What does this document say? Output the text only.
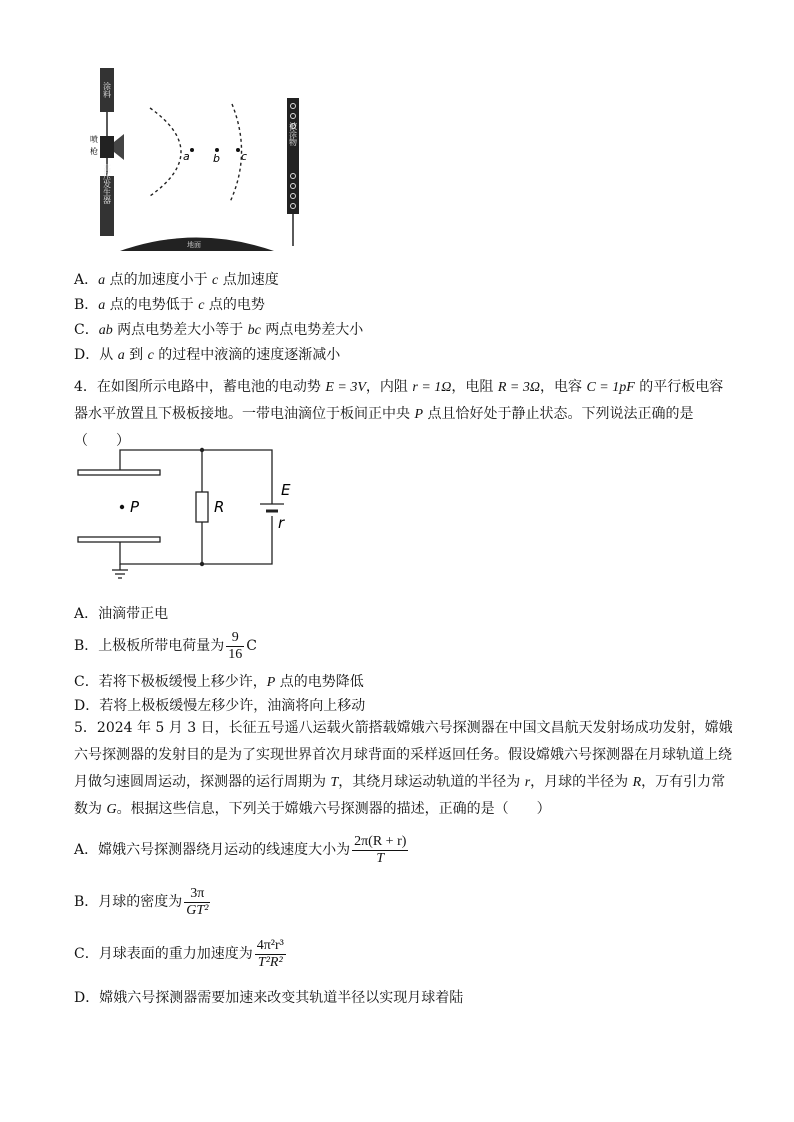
涂料
喷
枪
高压发生器
a b c
被涂物
地面
A．a 点的加速度小于 c 点加速度
B．a 点的电势低于 c 点的电势
C．ab 两点电势差大小等于 bc 两点电势差大小
D．从 a 到 c 的过程中液滴的速度逐渐减小
4．在如图所示电路中，蓄电池的电动势 E = 3V，内阻 r = 1Ω，电阻 R = 3Ω，电容 C = 1pF 的平行板电容器水平放置且下极板接地。一带电油滴位于板间正中央 P 点且恰好处于静止状态。下列说法正确的是（　　）
P	R
E
r
A．油滴带正电
B．上极板所带电荷量为 $\frac{9}{16}$ C
C．若将下极板缓慢上移少许，P 点的电势降低
D．若将上极板缓慢左移少许，油滴将向上移动
5．2024 年 5 月 3 日，长征五号遥八运载火箭搭载嫦娥六号探测器在中国文昌航天发射场成功发射，嫦娥六号探测器的发射目的是为了实现世界首次月球背面的采样返回任务。假设嫦娥六号探测器在月球轨道上绕月做匀速圆周运动，探测器的运行周期为 T，其绕月球运动轨道的半径为 r，月球的半径为 R，万有引力常数为 G。根据这些信息，下列关于嫦娥六号探测器的描述，正确的是（　　）
A．嫦娥六号探测器绕月运动的线速度大小为 $\frac{2\pi(R + r)}{T}$
B．月球的密度为 $\frac{3\pi}{\text{GT²}}$
C．月球表面的重力加速度为 $\frac{\text{4π²r³}}{\text{T²R²}}$
D．嫦娥六号探测器需要加速来改变其轨道半径以实现月球着陆
